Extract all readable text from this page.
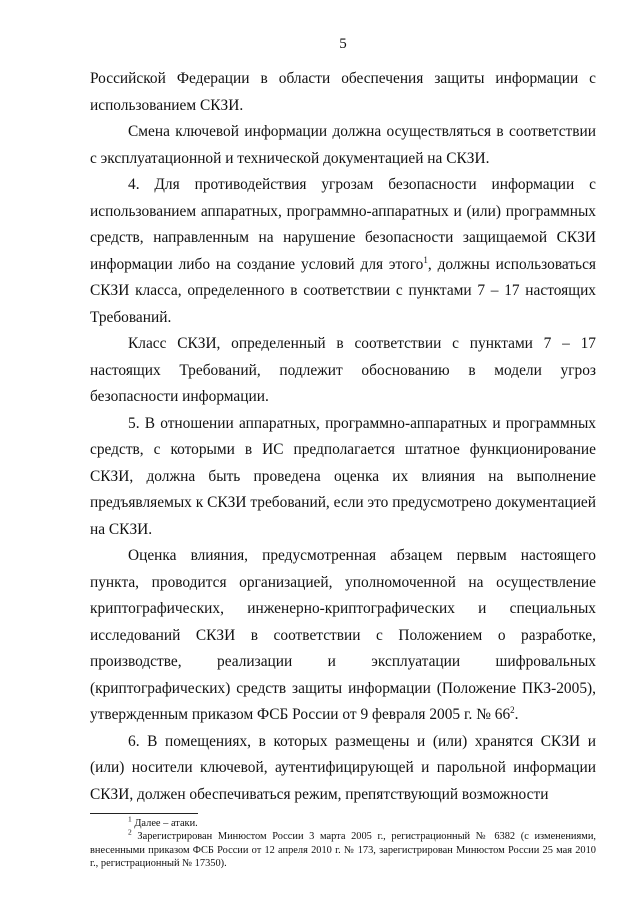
5

Российской Федерации в области обеспечения защиты информации с использованием СКЗИ.

Смена ключевой информации должна осуществляться в соответствии с эксплуатационной и технической документацией на СКЗИ.

4. Для противодействия угрозам безопасности информации с использованием аппаратных, программно-аппаратных и (или) программных средств, направленным на нарушение безопасности защищаемой СКЗИ информации либо на создание условий для этого$^1$, должны использоваться СКЗИ класса, определенного в соответствии с пунктами 7 – 17 настоящих Требований.

Класс СКЗИ, определенный в соответствии с пунктами 7 – 17 настоящих Требований, подлежит обоснованию в модели угроз безопасности информации.

5. В отношении аппаратных, программно-аппаратных и программных средств, с которыми в ИС предполагается штатное функционирование СКЗИ, должна быть проведена оценка их влияния на выполнение предъявляемых к СКЗИ требований, если это предусмотрено документацией на СКЗИ.

Оценка влияния, предусмотренная абзацем первым настоящего пункта, проводится организацией, уполномоченной на осуществление криптографических, инженерно-криптографических и специальных исследований СКЗИ в соответствии с Положением о разработке, производстве, реализации и эксплуатации шифровальных (криптографических) средств защиты информации (Положение ПКЗ-2005), утвержденным приказом ФСБ России от 9 февраля 2005 г. № $66^2$.

6. В помещениях, в которых размещены и (или) хранятся СКЗИ и (или) носители ключевой, аутентифицирующей и парольной информации СКЗИ, должен обеспечиваться режим, препятствующий возможности

$^1$ Далее – атаки.

$^2$ Зарегистрирован Минюстом России 3 марта 2005 г., регистрационный № 6382 (с изменениями, внесенными приказом ФСБ России от 12 апреля 2010 г. № 173, зарегистрирован Минюстом России 25 мая 2010 г., регистрационный № 17350).
